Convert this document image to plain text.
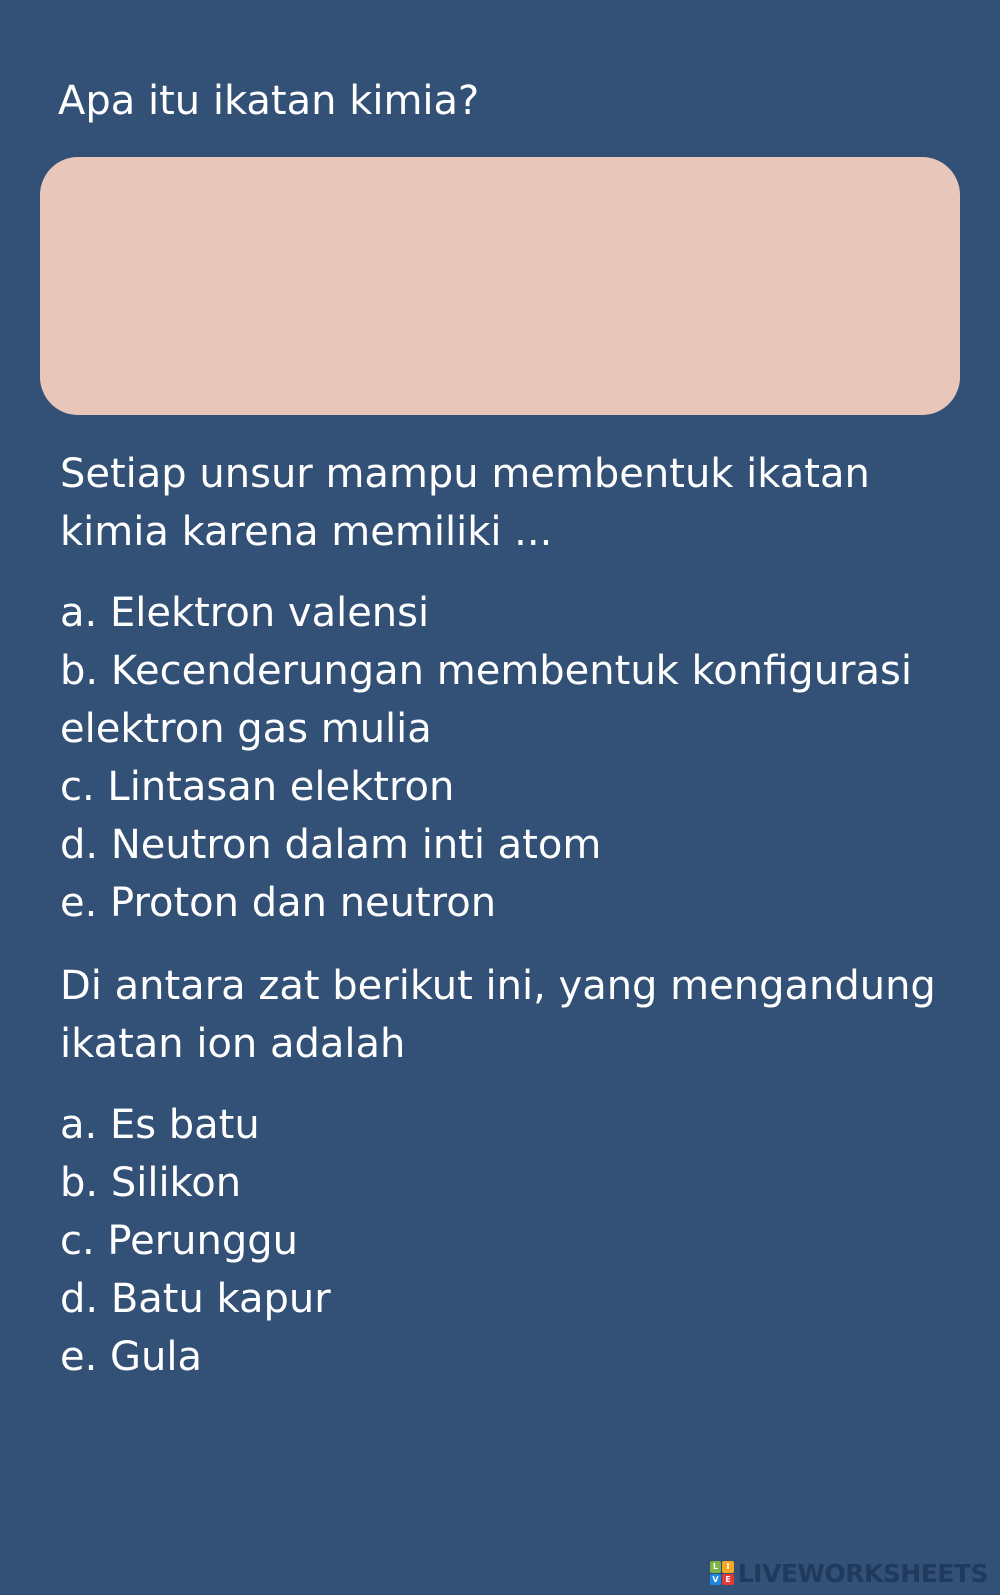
Apa itu ikatan kimia?
Setiap unsur mampu membentuk ikatan
kimia karena memiliki ...
a. Elektron valensi
b. Kecenderungan membentuk konfigurasi
elektron gas mulia
c. Lintasan elektron
d. Neutron dalam inti atom
e. Proton dan neutron
Di antara zat berikut ini, yang mengandung
ikatan ion adalah
a. Es batu
b. Silikon
c. Perunggu
d. Batu kapur
e. Gula
L	I
V E LIVEWORKSHEETS
